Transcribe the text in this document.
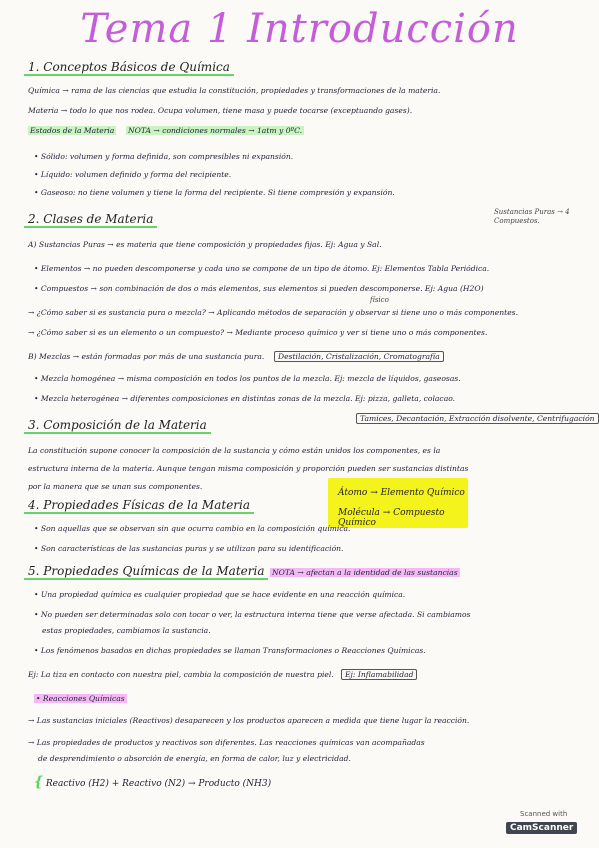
Tema 1 Introducción
1. Conceptos Básicos de Química
Química → rama de las ciencias que estudia la constitución, propiedades y transformaciones de la materia.
Materia → todo lo que nos rodea. Ocupa volumen, tiene masa y puede tocarse (exceptuando gases).
Estados de la Materia NOTA → condiciones normales → 1atm y 0ºC.
• Sólido: volumen y forma definida, son compresibles ni expansión.
• Líquido: volumen definido y forma del recipiente.
• Gaseoso: no tiene volumen y tiene la forma del recipiente. Si tiene compresión y expansión.
2. Clases de Materia	Sustancias Puras → 4 Compuestos.
A) Sustancias Puras → es materia que tiene composición y propiedades fijas. Ej: Agua y Sal.
• Elementos → no pueden descomponerse y cada uno se compone de un tipo de átomo. Ej: Elementos Tabla Periódica.
• Compuestos → son combinación de dos o más elementos, sus elementos si pueden descomponerse. Ej: Agua (H2O)
físico
→ ¿Cómo saber si es sustancia pura o mezcla? → Aplicando métodos de separación y observar si tiene uno o más componentes.
→ ¿Cómo saber si es un elemento o un compuesto? → Mediante proceso químico y ver si tiene uno o más componentes.
B) Mezclas → están formadas por más de una sustancia pura. Destilación, Cristalización, Cromatografía
• Mezcla homogénea → misma composición en todos los puntos de la mezcla. Ej: mezcla de líquidos, gaseosas.
• Mezcla heterogénea → diferentes composiciones en distintas zonas de la mezcla. Ej: pizza, galleta, colacao.
Tamices, Decantación, Extracción disolvente, Centrifugación
3. Composición de la Materia
La constitución supone conocer la composición de la sustancia y cómo están unidos los componentes, es la
estructura interna de la materia. Aunque tengan misma composición y proporción pueden ser sustancias distintas
por la manera que se unan sus componentes.
Átomo → Elemento Químico
Molécula → Compuesto Químico
4. Propiedades Físicas de la Materia
• Son aquellas que se observan sin que ocurra cambio en la composición química.
• Son características de las sustancias puras y se utilizan para su identificación.
5. Propiedades Químicas de la Materia NOTA → afectan a la identidad de las sustancias
• Una propiedad química es cualquier propiedad que se hace evidente en una reacción química.
• No pueden ser determinadas solo con tocar o ver, la estructura interna tiene que verse afectada. Si cambiamos
estas propiedades, cambiamos la sustancia.
• Los fenómenos basados en dichas propiedades se llaman Transformaciones o Reacciones Químicas.
Ej: La tiza en contacto con nuestra piel, cambia la composición de nuestra piel. Ej: Inflamabilidad
• Reacciones Químicas
→ Las sustancias iniciales (Reactivos) desaparecen y los productos aparecen a medida que tiene lugar la reacción.
→ Las propiedades de productos y reactivos son diferentes. Las reacciones químicas van acompañadas
de desprendimiento o absorción de energía, en forma de calor, luz y electricidad.
{ Reactivo (H2) + Reactivo (N2) → Producto (NH3)
Scanned with
CamScanner
